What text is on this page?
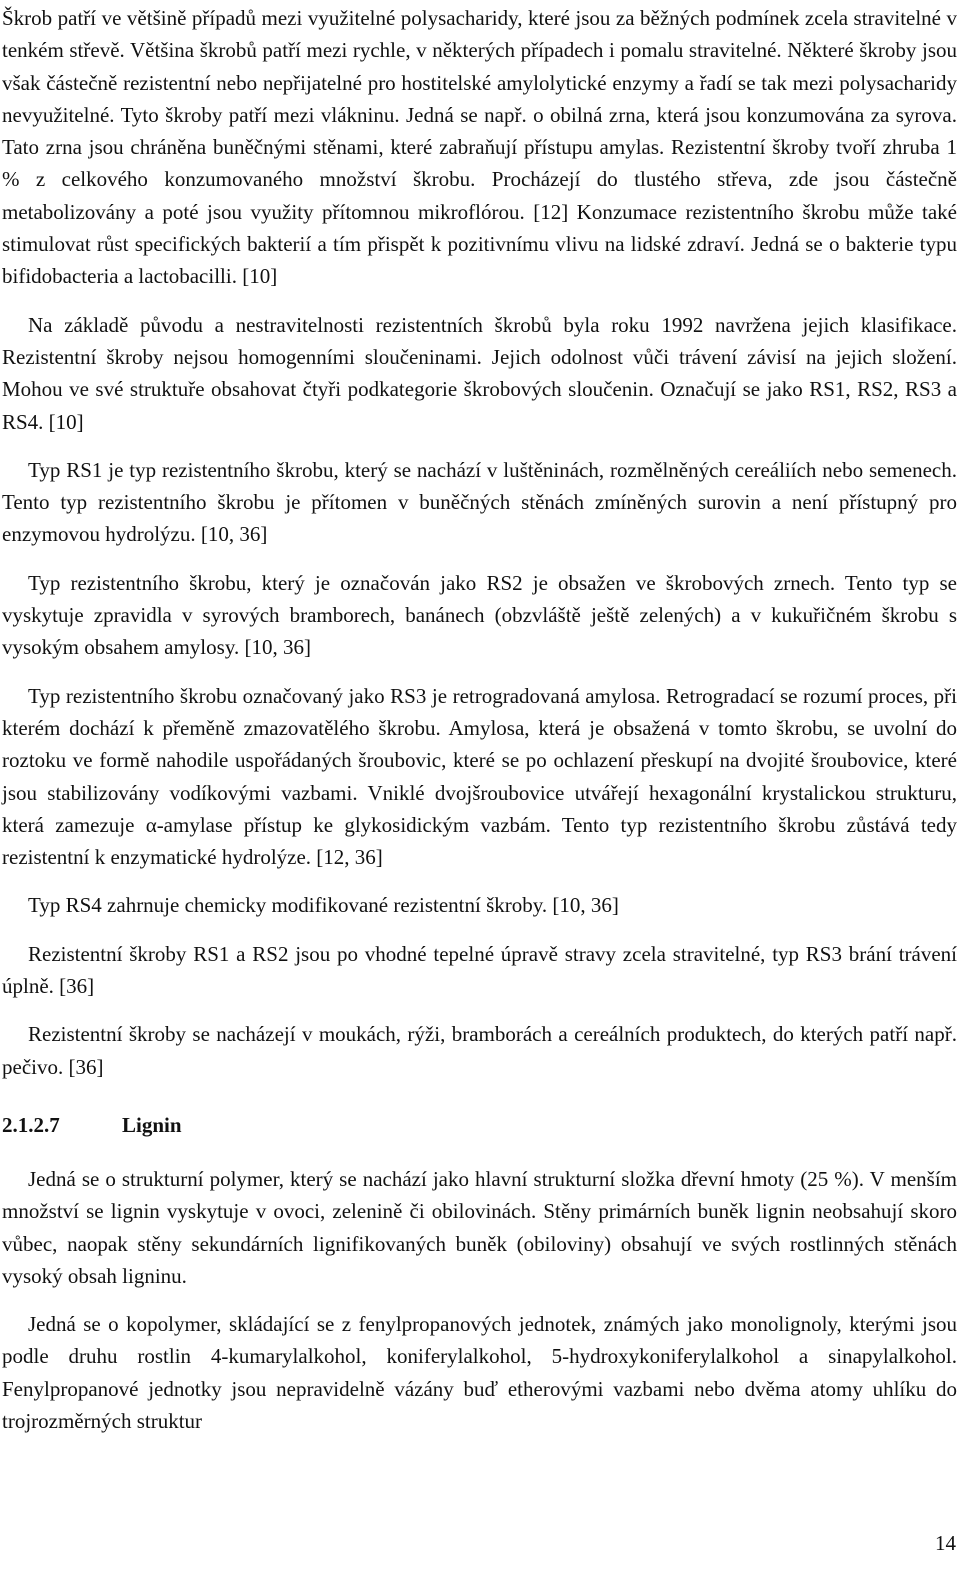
Škrob patří ve většině případů mezi využitelné polysacharidy, které jsou za běžných podmínek zcela stravitelné v tenkém střevě. Většina škrobů patří mezi rychle, v některých případech i pomalu stravitelné. Některé škroby jsou však částečně rezistentní nebo nepřijatelné pro hostitelské amylolytické enzymy a řadí se tak mezi polysacharidy nevyužitelné. Tyto škroby patří mezi vlákninu. Jedná se např. o obilná zrna, která jsou konzumována za syrova. Tato zrna jsou chráněna buněčnými stěnami, které zabraňují přístupu amylas. Rezistentní škroby tvoří zhruba 1 % z celkového konzumovaného množství škrobu. Procházejí do tlustého střeva, zde jsou částečně metabolizovány a poté jsou využity přítomnou mikroflórou. [12] Konzumace rezistentního škrobu může také stimulovat růst specifických bakterií a tím přispět k pozitivnímu vlivu na lidské zdraví. Jedná se o bakterie typu bifidobacteria a lactobacilli. [10]

Na základě původu a nestravitelnosti rezistentních škrobů byla roku 1992 navržena jejich klasifikace. Rezistentní škroby nejsou homogenními sloučeninami. Jejich odolnost vůči trávení závisí na jejich složení. Mohou ve své struktuře obsahovat čtyři podkategorie škrobových sloučenin. Označují se jako RS1, RS2, RS3 a RS4. [10]

Typ RS1 je typ rezistentního škrobu, který se nachází v luštěninách, rozmělněných cereáliích nebo semenech. Tento typ rezistentního škrobu je přítomen v buněčných stěnách zmíněných surovin a není přístupný pro enzymovou hydrolýzu. [10, 36]

Typ rezistentního škrobu, který je označován jako RS2 je obsažen ve škrobových zrnech. Tento typ se vyskytuje zpravidla v syrových bramborech, banánech (obzvláště ještě zelených) a v kukuřičném škrobu s vysokým obsahem amylosy. [10, 36]

Typ rezistentního škrobu označovaný jako RS3 je retrogradovaná amylosa. Retrogradací se rozumí proces, při kterém dochází k přeměně zmazovatělého škrobu. Amylosa, která je obsažená v tomto škrobu, se uvolní do roztoku ve formě nahodile uspořádaných šroubovic, které se po ochlazení přeskupí na dvojité šroubovice, které jsou stabilizovány vodíkovými vazbami. Vniklé dvojšroubovice utvářejí hexagonální krystalickou strukturu, která zamezuje α-amylase přístup ke glykosidickým vazbám. Tento typ rezistentního škrobu zůstává tedy rezistentní k enzymatické hydrolýze. [12, 36]

Typ RS4 zahrnuje chemicky modifikované rezistentní škroby. [10, 36]

Rezistentní škroby RS1 a RS2 jsou po vhodné tepelné úpravě stravy zcela stravitelné, typ RS3 brání trávení úplně. [36]

Rezistentní škroby se nacházejí v moukách, rýži, bramborách a cereálních produktech, do kterých patří např. pečivo. [36]

2.1.2.7	Lignin

Jedná se o strukturní polymer, který se nachází jako hlavní strukturní složka dřevní hmoty (25 %). V menším množství se lignin vyskytuje v ovoci, zelenině či obilovinách. Stěny primárních buněk lignin neobsahují skoro vůbec, naopak stěny sekundárních lignifikovaných buněk (obiloviny) obsahují ve svých rostlinných stěnách vysoký obsah ligninu.

Jedná se o kopolymer, skládající se z fenylpropanových jednotek, známých jako monolignoly, kterými jsou podle druhu rostlin 4-kumarylalkohol, koniferylalkohol, 5-hydroxykoniferylalkohol a sinapylalkohol. Fenylpropanové jednotky jsou nepravidelně vázány buď etherovými vazbami nebo dvěma atomy uhlíku do trojrozměrných struktur

14
